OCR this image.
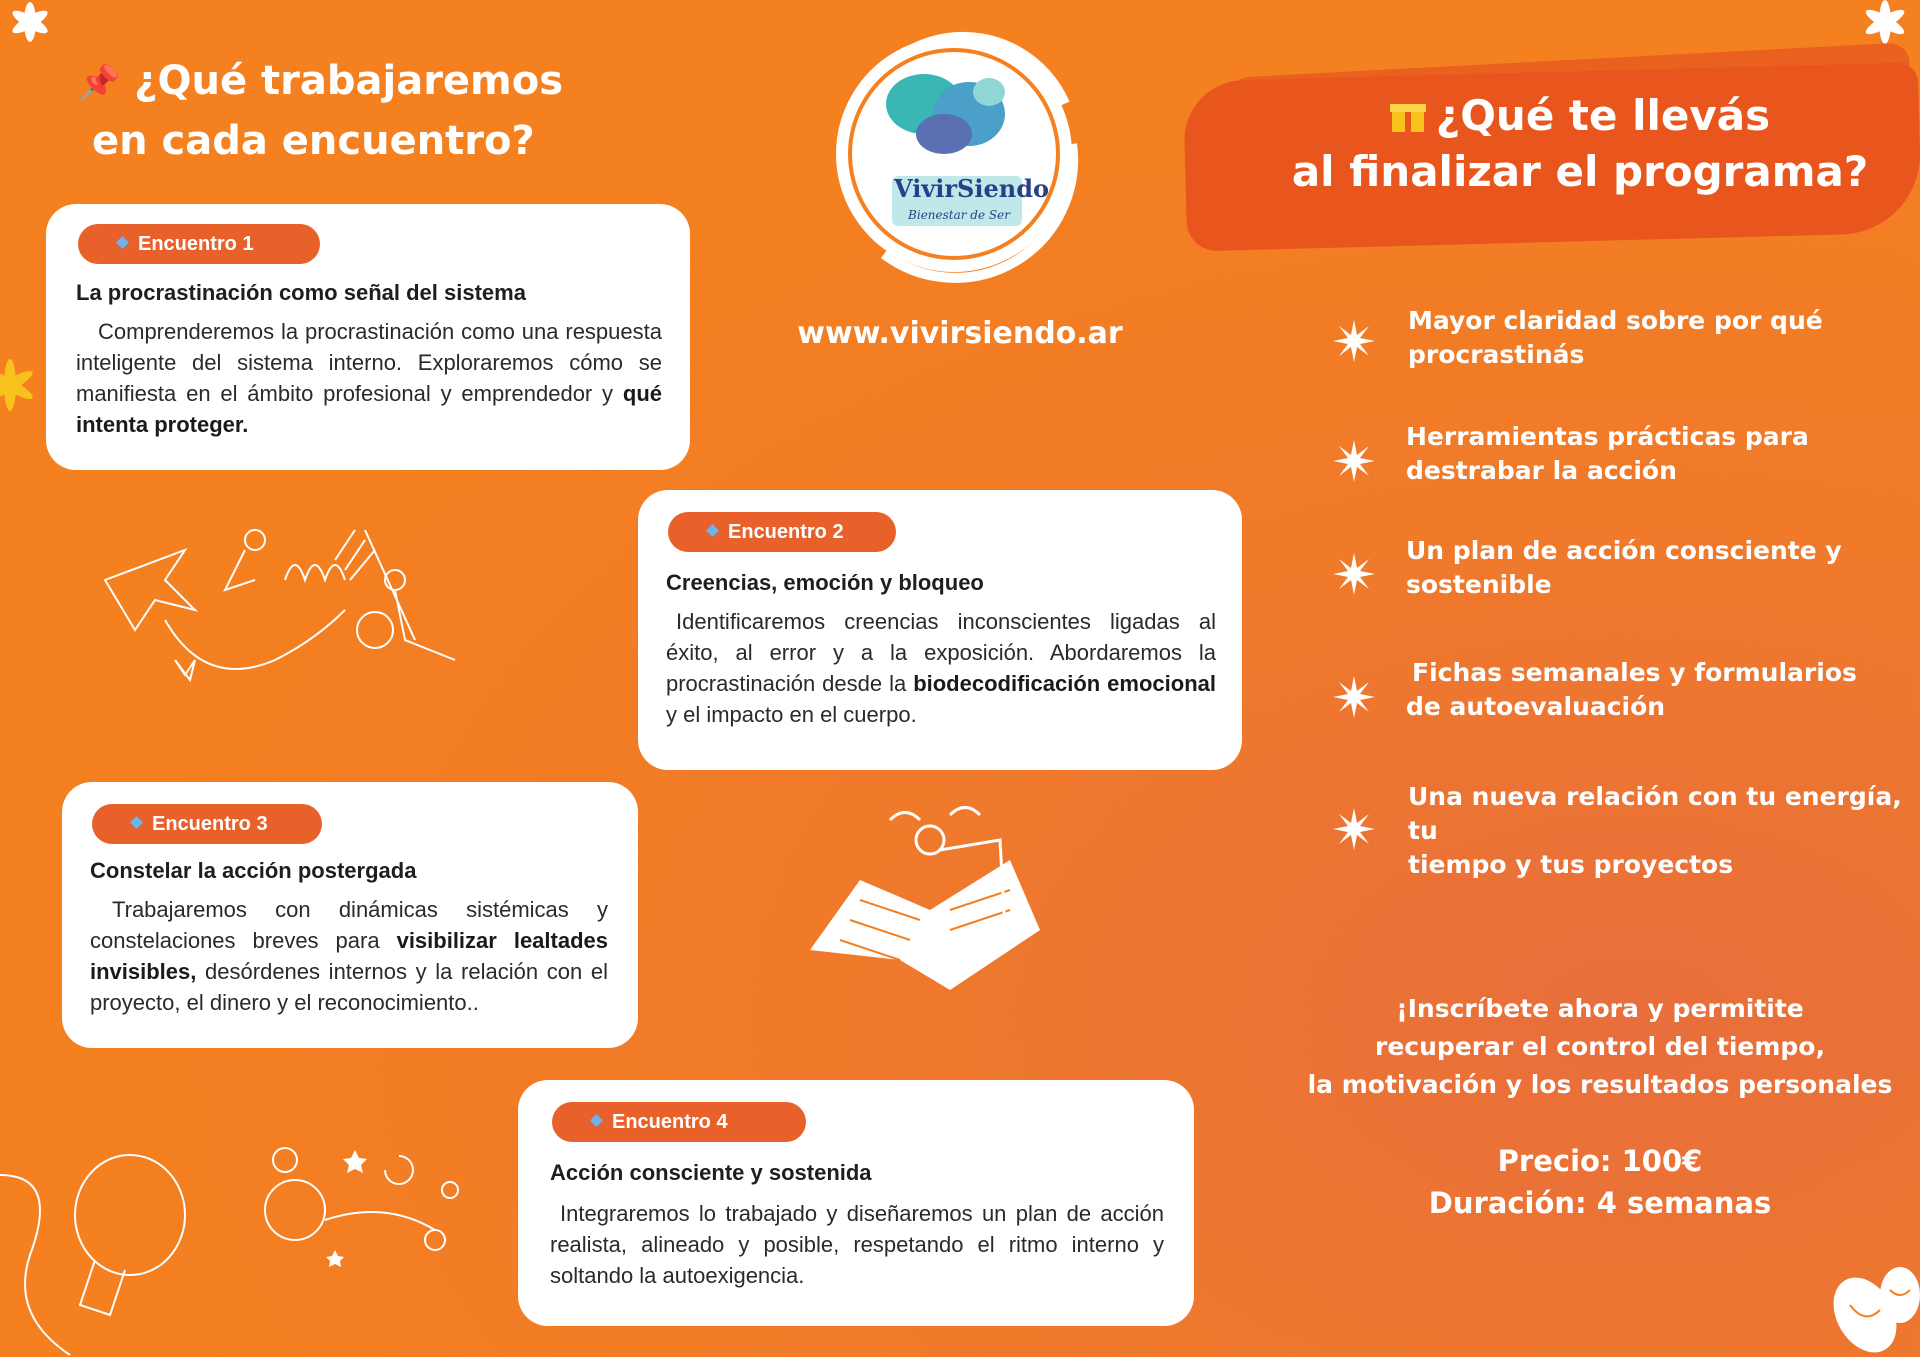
📌 ¿Qué trabajaremos
en cada encuentro?
¿Qué te llevás
al finalizar el programa?
VivirSiendo
Bienestar de Ser
www.vivirsiendo.ar
Encuentro 1
La procrastinación como señal del sistema
Comprenderemos la procrastinación como una respuesta inteligente del sistema interno. Exploraremos cómo se manifiesta en el ámbito profesional y emprendedor y qué intenta proteger.
Encuentro 2
Creencias, emoción y bloqueo
Identificaremos creencias inconscientes ligadas al éxito, al error y a la exposición. Abordaremos la procrastinación desde la biodecodificación emocional y el impacto en el cuerpo.
Encuentro 3
Constelar la acción postergada
Trabajaremos con dinámicas sistémicas y constelaciones breves para visibilizar lealtades invisibles, desórdenes internos y la relación con el proyecto, el dinero y el reconocimiento..
Encuentro 4
Acción consciente y sostenida
Integraremos lo trabajado y diseñaremos un plan de acción realista, alineado y posible, respetando el ritmo interno y soltando la autoexigencia.
Mayor claridad sobre por qué
procrastinás
Herramientas prácticas para
destrabar la acción
Un plan de acción consciente y
sostenible
Fichas semanales y formularios
de autoevaluación
Una nueva relación con tu energía, tu
tiempo y tus proyectos
¡Inscríbete ahora y permitite
recuperar el control del tiempo,
la motivación y los resultados personales
Precio: 100€
Duración: 4 semanas
